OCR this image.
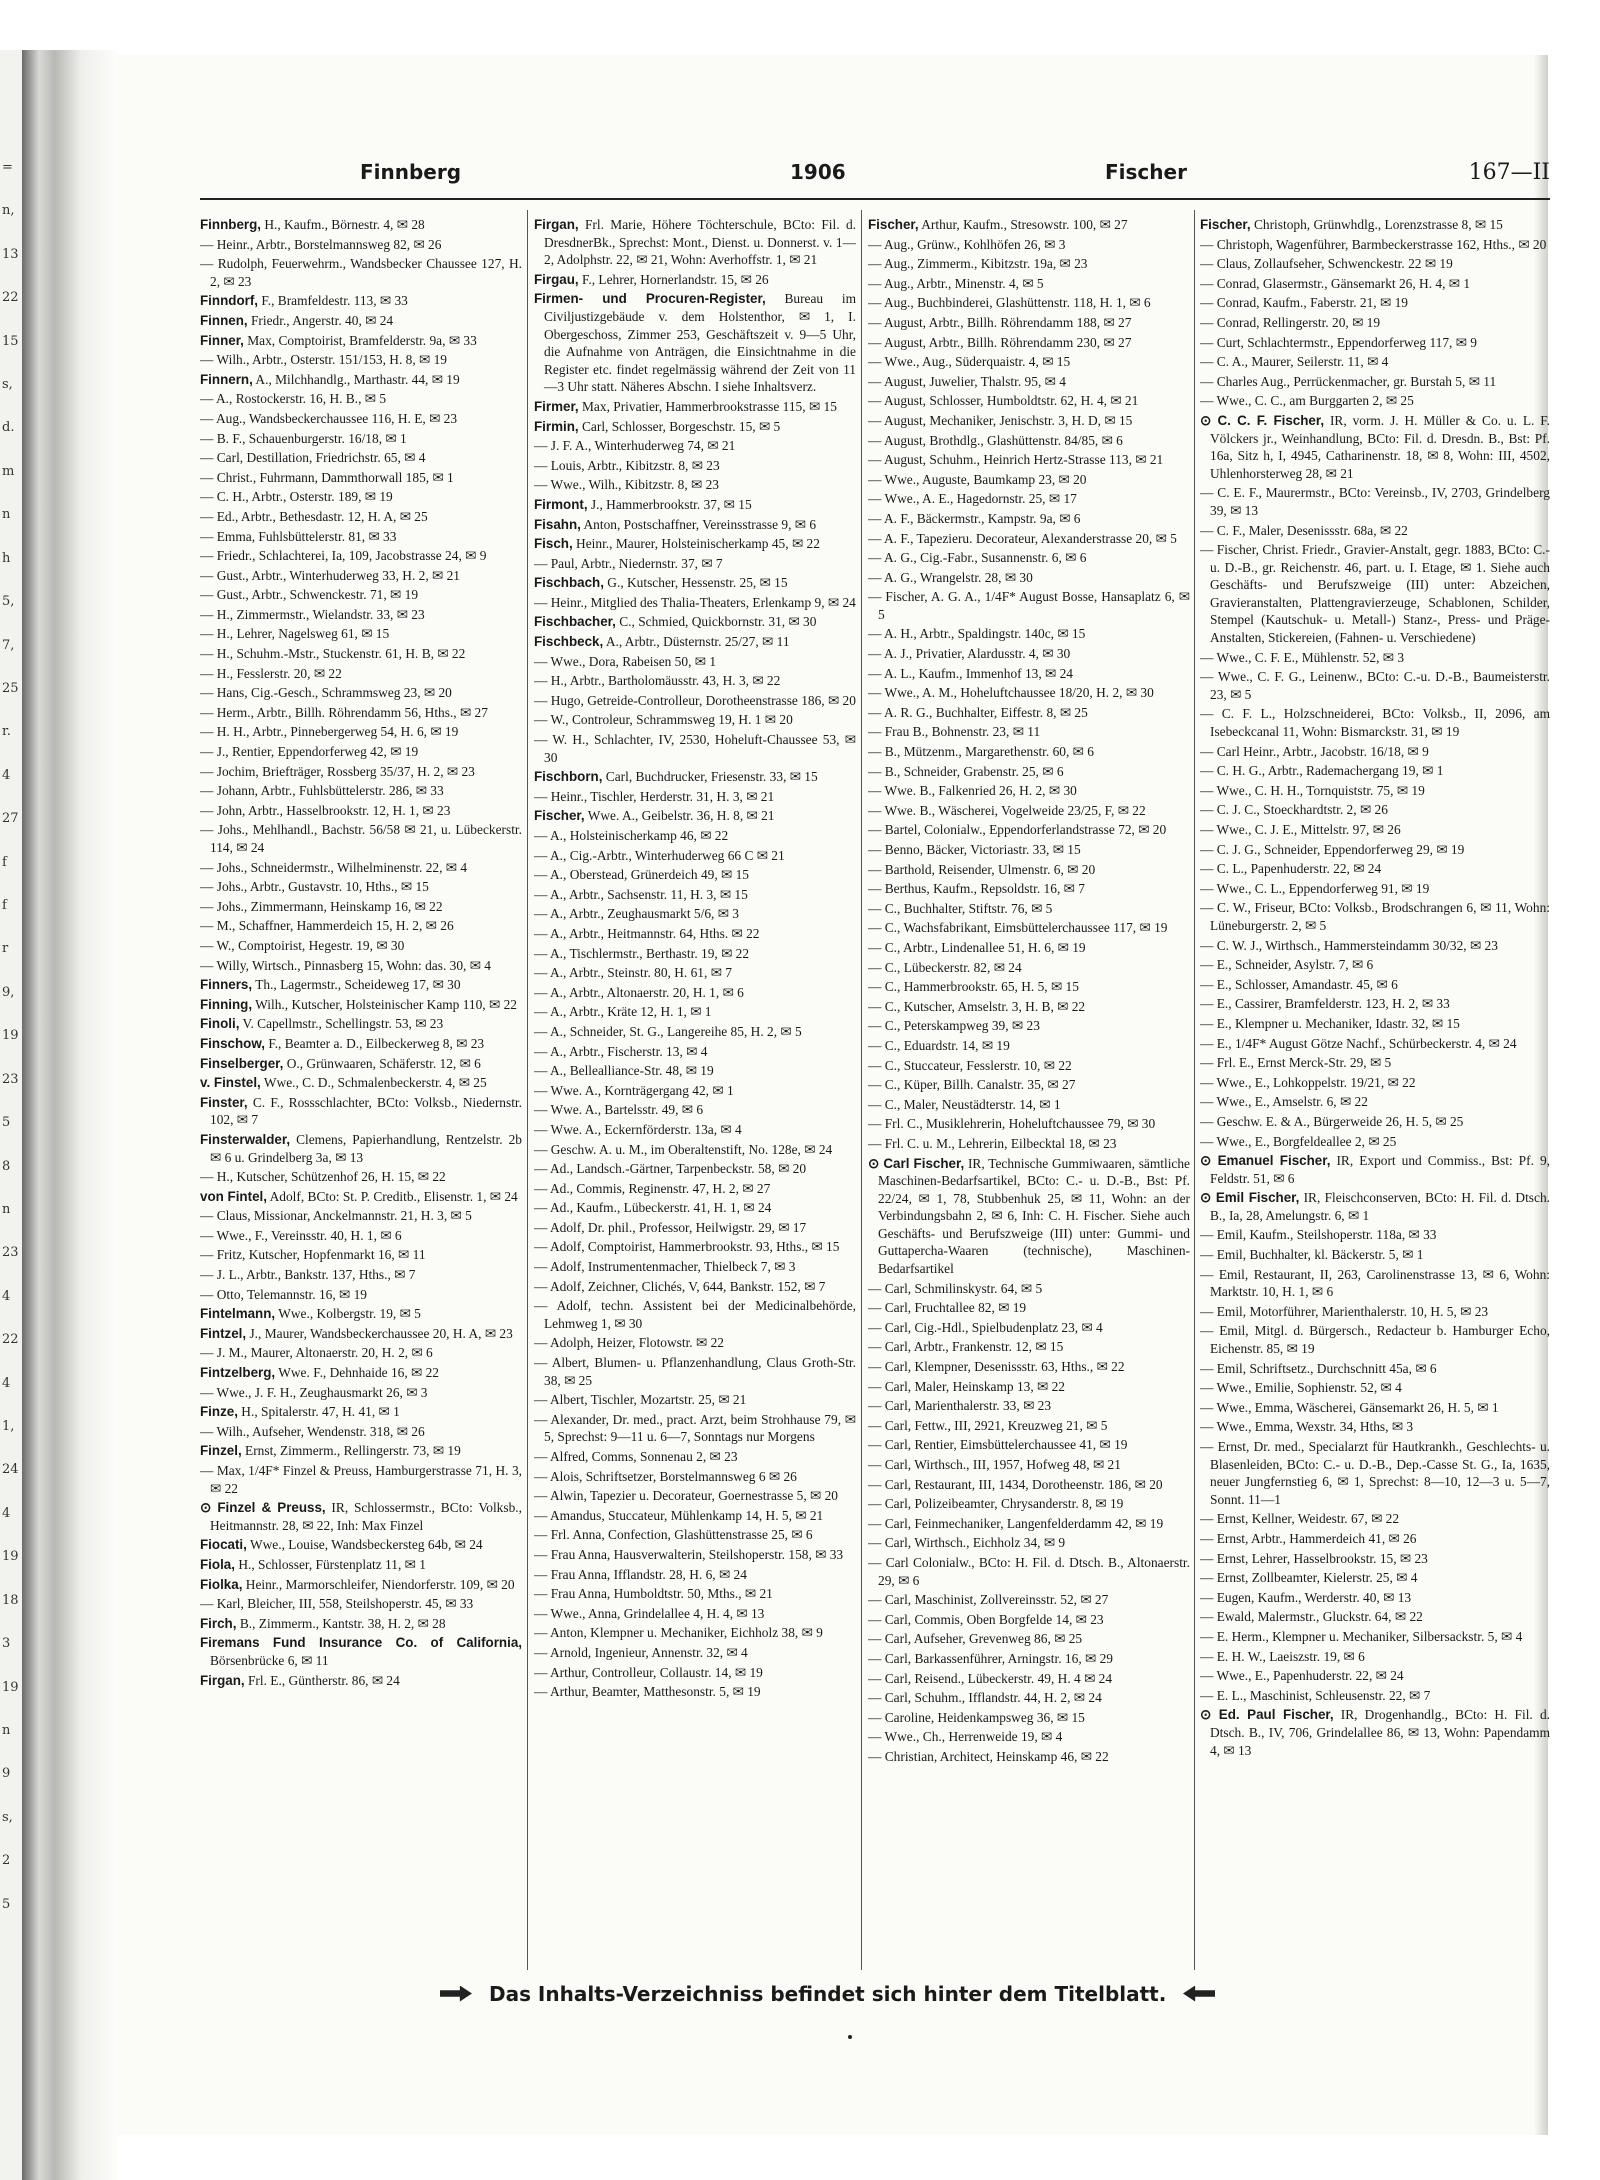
=
n,
13
22
15
s,
d.
m
n
h
5,
7,
25
r.
4
27
f
f
r
9,
19
23
5
8
n
23
4
22
4
1,
24
4
19
18
3
19
n
9
s,
2
5
Finnberg	1906	Fischer	167—II
Finnberg, H., Kaufm., Börnestr. 4, ✉ 28
— Heinr., Arbtr., Borstelmannsweg 82, ✉ 26
— Rudolph, Feuerwehrm., Wandsbecker Chaussee 127, H. 2, ✉ 23
Finndorf, F., Bramfeldestr. 113, ✉ 33
Finnen, Friedr., Angerstr. 40, ✉ 24
Finner, Max, Comptoirist, Bramfelderstr. 9a, ✉ 33
— Wilh., Arbtr., Osterstr. 151/153, H. 8, ✉ 19
Finnern, A., Milchhandlg., Marthastr. 44, ✉ 19
— A., Rostockerstr. 16, H. B., ✉ 5
— Aug., Wandsbeckerchaussee 116, H. E, ✉ 23
— B. F., Schauenburgerstr. 16/18, ✉ 1
— Carl, Destillation, Friedrichstr. 65, ✉ 4
— Christ., Fuhrmann, Dammthorwall 185, ✉ 1
— C. H., Arbtr., Osterstr. 189, ✉ 19
— Ed., Arbtr., Bethesdastr. 12, H. A, ✉ 25
— Emma, Fuhlsbüttelerstr. 81, ✉ 33
— Friedr., Schlachterei, Ia, 109, Jacobstrasse 24, ✉ 9
— Gust., Arbtr., Winterhuderweg 33, H. 2, ✉ 21
— Gust., Arbtr., Schwenckestr. 71, ✉ 19
— H., Zimmermstr., Wielandstr. 33, ✉ 23
— H., Lehrer, Nagelsweg 61, ✉ 15
— H., Schuhm.-Mstr., Stuckenstr. 61, H. B, ✉ 22
— H., Fesslerstr. 20, ✉ 22
— Hans, Cig.-Gesch., Schrammsweg 23, ✉ 20
— Herm., Arbtr., Billh. Röhrendamm 56, Hths., ✉ 27
— H. H., Arbtr., Pinnebergerweg 54, H. 6, ✉ 19
— J., Rentier, Eppendorferweg 42, ✉ 19
— Jochim, Briefträger, Rossberg 35/37, H. 2, ✉ 23
— Johann, Arbtr., Fuhlsbüttelerstr. 286, ✉ 33
— John, Arbtr., Hasselbrookstr. 12, H. 1, ✉ 23
— Johs., Mehlhandl., Bachstr. 56/58 ✉ 21, u. Lübeckerstr. 114, ✉ 24
— Johs., Schneidermstr., Wilhelminenstr. 22, ✉ 4
— Johs., Arbtr., Gustavstr. 10, Hths., ✉ 15
— Johs., Zimmermann, Heinskamp 16, ✉ 22
— M., Schaffner, Hammerdeich 15, H. 2, ✉ 26
— W., Comptoirist, Hegestr. 19, ✉ 30
— Willy, Wirtsch., Pinnasberg 15, Wohn: das. 30, ✉ 4
Finners, Th., Lagermstr., Scheideweg 17, ✉ 30
Finning, Wilh., Kutscher, Holsteinischer Kamp 110, ✉ 22
Finoli, V. Capellmstr., Schellingstr. 53, ✉ 23
Finschow, F., Beamter a. D., Eilbeckerweg 8, ✉ 23
Finselberger, O., Grünwaaren, Schäferstr. 12, ✉ 6
v. Finstel, Wwe., C. D., Schmalenbeckerstr. 4, ✉ 25
Finster, C. F., Rossschlachter, BCto: Volksb., Niedernstr. 102, ✉ 7
Finsterwalder, Clemens, Papierhandlung, Rentzelstr. 2b ✉ 6 u. Grindelberg 3a, ✉ 13
— H., Kutscher, Schützenhof 26, H. 15, ✉ 22
von Fintel, Adolf, BCto: St. P. Creditb., Elisenstr. 1, ✉ 24
— Claus, Missionar, Anckelmannstr. 21, H. 3, ✉ 5
— Wwe., F., Vereinsstr. 40, H. 1, ✉ 6
— Fritz, Kutscher, Hopfenmarkt 16, ✉ 11
— J. L., Arbtr., Bankstr. 137, Hths., ✉ 7
— Otto, Telemannstr. 16, ✉ 19
Fintelmann, Wwe., Kolbergstr. 19, ✉ 5
Fintzel, J., Maurer, Wandsbeckerchaussee 20, H. A, ✉ 23
— J. M., Maurer, Altonaerstr. 20, H. 2, ✉ 6
Fintzelberg, Wwe. F., Dehnhaide 16, ✉ 22
— Wwe., J. F. H., Zeughausmarkt 26, ✉ 3
Finze, H., Spitalerstr. 47, H. 41, ✉ 1
— Wilh., Aufseher, Wendenstr. 318, ✉ 26
Finzel, Ernst, Zimmerm., Rellingerstr. 73, ✉ 19
— Max, 1/4F* Finzel & Preuss, Hamburgerstrasse 71, H. 3, ✉ 22
⊙ Finzel & Preuss, IR, Schlossermstr., BCto: Volksb., Heitmannstr. 28, ✉ 22, Inh: Max Finzel
Fiocati, Wwe., Louise, Wandsbeckersteg 64b, ✉ 24
Fiola, H., Schlosser, Fürstenplatz 11, ✉ 1
Fiolka, Heinr., Marmorschleifer, Niendorferstr. 109, ✉ 20
— Karl, Bleicher, III, 558, Steilshoperstr. 45, ✉ 33
Firch, B., Zimmerm., Kantstr. 38, H. 2, ✉ 28
Firemans Fund Insurance Co. of California, Börsenbrücke 6, ✉ 11
Firgan, Frl. E., Güntherstr. 86, ✉ 24
Firgan, Frl. Marie, Höhere Töchterschule, BCto: Fil. d. DresdnerBk., Sprechst: Mont., Dienst. u. Donnerst. v. 1—2, Adolphstr. 22, ✉ 21, Wohn: Averhoffstr. 1, ✉ 21
Firgau, F., Lehrer, Hornerlandstr. 15, ✉ 26
Firmen- und Procuren-Register, Bureau im Civiljustizgebäude v. dem Holstenthor, ✉ 1, I. Obergeschoss, Zimmer 253, Geschäftszeit v. 9—5 Uhr, die Aufnahme von Anträgen, die Einsichtnahme in die Register etc. findet regelmässig während der Zeit von 11—3 Uhr statt. Näheres Abschn. I siehe Inhaltsverz.
Firmer, Max, Privatier, Hammerbrookstrasse 115, ✉ 15
Firmin, Carl, Schlosser, Borgeschstr. 15, ✉ 5
— J. F. A., Winterhuderweg 74, ✉ 21
— Louis, Arbtr., Kibitzstr. 8, ✉ 23
— Wwe., Wilh., Kibitzstr. 8, ✉ 23
Firmont, J., Hammerbrookstr. 37, ✉ 15
Fisahn, Anton, Postschaffner, Vereinsstrasse 9, ✉ 6
Fisch, Heinr., Maurer, Holsteinischerkamp 45, ✉ 22
— Paul, Arbtr., Niedernstr. 37, ✉ 7
Fischbach, G., Kutscher, Hessenstr. 25, ✉ 15
— Heinr., Mitglied des Thalia-Theaters, Erlenkamp 9, ✉ 24
Fischbacher, C., Schmied, Quickbornstr. 31, ✉ 30
Fischbeck, A., Arbtr., Düsternstr. 25/27, ✉ 11
— Wwe., Dora, Rabeisen 50, ✉ 1
— H., Arbtr., Bartholomäusstr. 43, H. 3, ✉ 22
— Hugo, Getreide-Controlleur, Dorotheenstrasse 186, ✉ 20
— W., Controleur, Schrammsweg 19, H. 1 ✉ 20
— W. H., Schlachter, IV, 2530, Hoheluft-Chaussee 53, ✉ 30
Fischborn, Carl, Buchdrucker, Friesenstr. 33, ✉ 15
— Heinr., Tischler, Herderstr. 31, H. 3, ✉ 21
Fischer, Wwe. A., Geibelstr. 36, H. 8, ✉ 21
— A., Holsteinischerkamp 46, ✉ 22
— A., Cig.-Arbtr., Winterhuderweg 66 C ✉ 21
— A., Oberstead, Grünerdeich 49, ✉ 15
— A., Arbtr., Sachsenstr. 11, H. 3, ✉ 15
— A., Arbtr., Zeughausmarkt 5/6, ✉ 3
— A., Arbtr., Heitmannstr. 64, Hths. ✉ 22
— A., Tischlermstr., Berthastr. 19, ✉ 22
— A., Arbtr., Steinstr. 80, H. 61, ✉ 7
— A., Arbtr., Altonaerstr. 20, H. 1, ✉ 6
— A., Arbtr., Kräte 12, H. 1, ✉ 1
— A., Schneider, St. G., Langereihe 85, H. 2, ✉ 5
— A., Arbtr., Fischerstr. 13, ✉ 4
— A., Bellealliance-Str. 48, ✉ 19
— Wwe. A., Kornträgergang 42, ✉ 1
— Wwe. A., Bartelsstr. 49, ✉ 6
— Wwe. A., Eckernförderstr. 13a, ✉ 4
— Geschw. A. u. M., im Oberaltenstift, No. 128e, ✉ 24
— Ad., Landsch.-Gärtner, Tarpenbeckstr. 58, ✉ 20
— Ad., Commis, Reginenstr. 47, H. 2, ✉ 27
— Ad., Kaufm., Lübeckerstr. 41, H. 1, ✉ 24
— Adolf, Dr. phil., Professor, Heilwigstr. 29, ✉ 17
— Adolf, Comptoirist, Hammerbrookstr. 93, Hths., ✉ 15
— Adolf, Instrumentenmacher, Thielbeck 7, ✉ 3
— Adolf, Zeichner, Clichés, V, 644, Bankstr. 152, ✉ 7
— Adolf, techn. Assistent bei der Medicinalbehörde, Lehmweg 1, ✉ 30
— Adolph, Heizer, Flotowstr. ✉ 22
— Albert, Blumen- u. Pflanzenhandlung, Claus Groth-Str. 38, ✉ 25
— Albert, Tischler, Mozartstr. 25, ✉ 21
— Alexander, Dr. med., pract. Arzt, beim Strohhause 79, ✉ 5, Sprechst: 9—11 u. 6—7, Sonntags nur Morgens
— Alfred, Comms, Sonnenau 2, ✉ 23
— Alois, Schriftsetzer, Borstelmannsweg 6 ✉ 26
— Alwin, Tapezier u. Decorateur, Goernestrasse 5, ✉ 20
— Amandus, Stuccateur, Mühlenkamp 14, H. 5, ✉ 21
— Frl. Anna, Confection, Glashüttenstrasse 25, ✉ 6
— Frau Anna, Hausverwalterin, Steilshoperstr. 158, ✉ 33
— Frau Anna, Ifflandstr. 28, H. 6, ✉ 24
— Frau Anna, Humboldtstr. 50, Mths., ✉ 21
— Wwe., Anna, Grindelallee 4, H. 4, ✉ 13
— Anton, Klempner u. Mechaniker, Eichholz 38, ✉ 9
— Arnold, Ingenieur, Annenstr. 32, ✉ 4
— Arthur, Controlleur, Collaustr. 14, ✉ 19
— Arthur, Beamter, Matthesonstr. 5, ✉ 19
Fischer, Arthur, Kaufm., Stresowstr. 100, ✉ 27
— Aug., Grünw., Kohlhöfen 26, ✉ 3
— Aug., Zimmerm., Kibitzstr. 19a, ✉ 23
— Aug., Arbtr., Minenstr. 4, ✉ 5
— Aug., Buchbinderei, Glashüttenstr. 118, H. 1, ✉ 6
— August, Arbtr., Billh. Röhrendamm 188, ✉ 27
— August, Arbtr., Billh. Röhrendamm 230, ✉ 27
— Wwe., Aug., Süderquaistr. 4, ✉ 15
— August, Juwelier, Thalstr. 95, ✉ 4
— August, Schlosser, Humboldtstr. 62, H. 4, ✉ 21
— August, Mechaniker, Jenischstr. 3, H. D, ✉ 15
— August, Brothdlg., Glashüttenstr. 84/85, ✉ 6
— August, Schuhm., Heinrich Hertz-Strasse 113, ✉ 21
— Wwe., Auguste, Baumkamp 23, ✉ 20
— Wwe., A. E., Hagedornstr. 25, ✉ 17
— A. F., Bäckermstr., Kampstr. 9a, ✉ 6
— A. F., Tapezieru. Decorateur, Alexanderstrasse 20, ✉ 5
— A. G., Cig.-Fabr., Susannenstr. 6, ✉ 6
— A. G., Wrangelstr. 28, ✉ 30
— Fischer, A. G. A., 1/4F* August Bosse, Hansaplatz 6, ✉ 5
— A. H., Arbtr., Spaldingstr. 140c, ✉ 15
— A. J., Privatier, Alardusstr. 4, ✉ 30
— A. L., Kaufm., Immenhof 13, ✉ 24
— Wwe., A. M., Hoheluftchaussee 18/20, H. 2, ✉ 30
— A. R. G., Buchhalter, Eiffestr. 8, ✉ 25
— Frau B., Bohnenstr. 23, ✉ 11
— B., Mützenm., Margarethenstr. 60, ✉ 6
— B., Schneider, Grabenstr. 25, ✉ 6
— Wwe. B., Falkenried 26, H. 2, ✉ 30
— Wwe. B., Wäscherei, Vogelweide 23/25, F, ✉ 22
— Bartel, Colonialw., Eppendorferlandstrasse 72, ✉ 20
— Benno, Bäcker, Victoriastr. 33, ✉ 15
— Barthold, Reisender, Ulmenstr. 6, ✉ 20
— Berthus, Kaufm., Repsoldstr. 16, ✉ 7
— C., Buchhalter, Stiftstr. 76, ✉ 5
— C., Wachsfabrikant, Eimsbüttelerchaussee 117, ✉ 19
— C., Arbtr., Lindenallee 51, H. 6, ✉ 19
— C., Lübeckerstr. 82, ✉ 24
— C., Hammerbrookstr. 65, H. 5, ✉ 15
— C., Kutscher, Amselstr. 3, H. B, ✉ 22
— C., Peterskampweg 39, ✉ 23
— C., Eduardstr. 14, ✉ 19
— C., Stuccateur, Fesslerstr. 10, ✉ 22
— C., Küper, Billh. Canalstr. 35, ✉ 27
— C., Maler, Neustädterstr. 14, ✉ 1
— Frl. C., Musiklehrerin, Hoheluftchaussee 79, ✉ 30
— Frl. C. u. M., Lehrerin, Eilbecktal 18, ✉ 23
⊙ Carl Fischer, IR, Technische Gummiwaaren, sämtliche Maschinen-Bedarfsartikel, BCto: C.- u. D.-B., Bst: Pf. 22/24, ✉ 1, 78, Stubbenhuk 25, ✉ 11, Wohn: an der Verbindungsbahn 2, ✉ 6, Inh: C. H. Fischer. Siehe auch Geschäfts- und Berufszweige (III) unter: Gummi- und Guttapercha-Waaren (technische), Maschinen-Bedarfsartikel
— Carl, Schmilinskystr. 64, ✉ 5
— Carl, Fruchtallee 82, ✉ 19
— Carl, Cig.-Hdl., Spielbudenplatz 23, ✉ 4
— Carl, Arbtr., Frankenstr. 12, ✉ 15
— Carl, Klempner, Desenissstr. 63, Hths., ✉ 22
— Carl, Maler, Heinskamp 13, ✉ 22
— Carl, Marienthalerstr. 33, ✉ 23
— Carl, Fettw., III, 2921, Kreuzweg 21, ✉ 5
— Carl, Rentier, Eimsbüttelerchaussee 41, ✉ 19
— Carl, Wirthsch., III, 1957, Hofweg 48, ✉ 21
— Carl, Restaurant, III, 1434, Dorotheenstr. 186, ✉ 20
— Carl, Polizeibeamter, Chrysanderstr. 8, ✉ 19
— Carl, Feinmechaniker, Langenfelderdamm 42, ✉ 19
— Carl, Wirthsch., Eichholz 34, ✉ 9
— Carl Colonialw., BCto: H. Fil. d. Dtsch. B., Altonaerstr. 29, ✉ 6
— Carl, Maschinist, Zollvereinsstr. 52, ✉ 27
— Carl, Commis, Oben Borgfelde 14, ✉ 23
— Carl, Aufseher, Grevenweg 86, ✉ 25
— Carl, Barkassenführer, Arningstr. 16, ✉ 29
— Carl, Reisend., Lübeckerstr. 49, H. 4 ✉ 24
— Carl, Schuhm., Ifflandstr. 44, H. 2, ✉ 24
— Caroline, Heidenkampsweg 36, ✉ 15
— Wwe., Ch., Herrenweide 19, ✉ 4
— Christian, Architect, Heinskamp 46, ✉ 22
Fischer, Christoph, Grünwhdlg., Lorenzstrasse 8, ✉ 15
— Christoph, Wagenführer, Barmbeckerstrasse 162, Hths., ✉ 20
— Claus, Zollaufseher, Schwenckestr. 22 ✉ 19
— Conrad, Glasermstr., Gänsemarkt 26, H. 4, ✉ 1
— Conrad, Kaufm., Faberstr. 21, ✉ 19
— Conrad, Rellingerstr. 20, ✉ 19
— Curt, Schlachtermstr., Eppendorferweg 117, ✉ 9
— C. A., Maurer, Seilerstr. 11, ✉ 4
— Charles Aug., Perrückenmacher, gr. Burstah 5, ✉ 11
— Wwe., C. C., am Burggarten 2, ✉ 25
⊙ C. C. F. Fischer, IR, vorm. J. H. Müller & Co. u. L. F. Völckers jr., Weinhandlung, BCto: Fil. d. Dresdn. B., Bst: Pf. 16a, Sitz h, I, 4945, Catharinenstr. 18, ✉ 8, Wohn: III, 4502, Uhlenhorsterweg 28, ✉ 21
— C. E. F., Maurermstr., BCto: Vereinsb., IV, 2703, Grindelberg 39, ✉ 13
— C. F., Maler, Desenissstr. 68a, ✉ 22
— Fischer, Christ. Friedr., Gravier-Anstalt, gegr. 1883, BCto: C.- u. D.-B., gr. Reichenstr. 46, part. u. I. Etage, ✉ 1. Siehe auch Geschäfts- und Berufszweige (III) unter: Abzeichen, Gravieranstalten, Plattengravierzeuge, Schablonen, Schilder, Stempel (Kautschuk- u. Metall-) Stanz-, Press- und Präge-Anstalten, Stickereien, (Fahnen- u. Verschiedene)
— Wwe., C. F. E., Mühlenstr. 52, ✉ 3
— Wwe., C. F. G., Leinenw., BCto: C.-u. D.-B., Baumeisterstr. 23, ✉ 5
— C. F. L., Holzschneiderei, BCto: Volksb., II, 2096, am Isebeckcanal 11, Wohn: Bismarckstr. 31, ✉ 19
— Carl Heinr., Arbtr., Jacobstr. 16/18, ✉ 9
— C. H. G., Arbtr., Rademachergang 19, ✉ 1
— Wwe., C. H. H., Tornquiststr. 75, ✉ 19
— C. J. C., Stoeckhardtstr. 2, ✉ 26
— Wwe., C. J. E., Mittelstr. 97, ✉ 26
— C. J. G., Schneider, Eppendorferweg 29, ✉ 19
— C. L., Papenhuderstr. 22, ✉ 24
— Wwe., C. L., Eppendorferweg 91, ✉ 19
— C. W., Friseur, BCto: Volksb., Brodschrangen 6, ✉ 11, Wohn: Lüneburgerstr. 2, ✉ 5
— C. W. J., Wirthsch., Hammersteindamm 30/32, ✉ 23
— E., Schneider, Asylstr. 7, ✉ 6
— E., Schlosser, Amandastr. 45, ✉ 6
— E., Cassirer, Bramfelderstr. 123, H. 2, ✉ 33
— E., Klempner u. Mechaniker, Idastr. 32, ✉ 15
— E., 1/4F* August Götze Nachf., Schürbeckerstr. 4, ✉ 24
— Frl. E., Ernst Merck-Str. 29, ✉ 5
— Wwe., E., Lohkoppelstr. 19/21, ✉ 22
— Wwe., E., Amselstr. 6, ✉ 22
— Geschw. E. & A., Bürgerweide 26, H. 5, ✉ 25
— Wwe., E., Borgfeldeallee 2, ✉ 25
⊙ Emanuel Fischer, IR, Export und Commiss., Bst: Pf. 9, Feldstr. 51, ✉ 6
⊙ Emil Fischer, IR, Fleischconserven, BCto: H. Fil. d. Dtsch. B., Ia, 28, Amelungstr. 6, ✉ 1
— Emil, Kaufm., Steilshoperstr. 118a, ✉ 33
— Emil, Buchhalter, kl. Bäckerstr. 5, ✉ 1
— Emil, Restaurant, II, 263, Carolinenstrasse 13, ✉ 6, Wohn: Marktstr. 10, H. 1, ✉ 6
— Emil, Motorführer, Marienthalerstr. 10, H. 5, ✉ 23
— Emil, Mitgl. d. Bürgersch., Redacteur b. Hamburger Echo, Eichenstr. 85, ✉ 19
— Emil, Schriftsetz., Durchschnitt 45a, ✉ 6
— Wwe., Emilie, Sophienstr. 52, ✉ 4
— Wwe., Emma, Wäscherei, Gänsemarkt 26, H. 5, ✉ 1
— Wwe., Emma, Wexstr. 34, Hths, ✉ 3
— Ernst, Dr. med., Specialarzt für Hautkrankh., Geschlechts- u. Blasenleiden, BCto: C.- u. D.-B., Dep.-Casse St. G., Ia, 1635, neuer Jungfernstieg 6, ✉ 1, Sprechst: 8—10, 12—3 u. 5—7, Sonnt. 11—1
— Ernst, Kellner, Weidestr. 67, ✉ 22
— Ernst, Arbtr., Hammerdeich 41, ✉ 26
— Ernst, Lehrer, Hasselbrookstr. 15, ✉ 23
— Ernst, Zollbeamter, Kielerstr. 25, ✉ 4
— Eugen, Kaufm., Werderstr. 40, ✉ 13
— Ewald, Malermstr., Gluckstr. 64, ✉ 22
— E. Herm., Klempner u. Mechaniker, Silbersackstr. 5, ✉ 4
— E. H. W., Laeiszstr. 19, ✉ 6
— Wwe., E., Papenhuderstr. 22, ✉ 24
— E. L., Maschinist, Schleusenstr. 22, ✉ 7
⊙ Ed. Paul Fischer, IR, Drogenhandlg., BCto: H. Fil. d. Dtsch. B., IV, 706, Grindelallee 86, ✉ 13, Wohn: Papendamm 4, ✉ 13
Das Inhalts-Verzeichniss befindet sich hinter dem Titelblatt.
